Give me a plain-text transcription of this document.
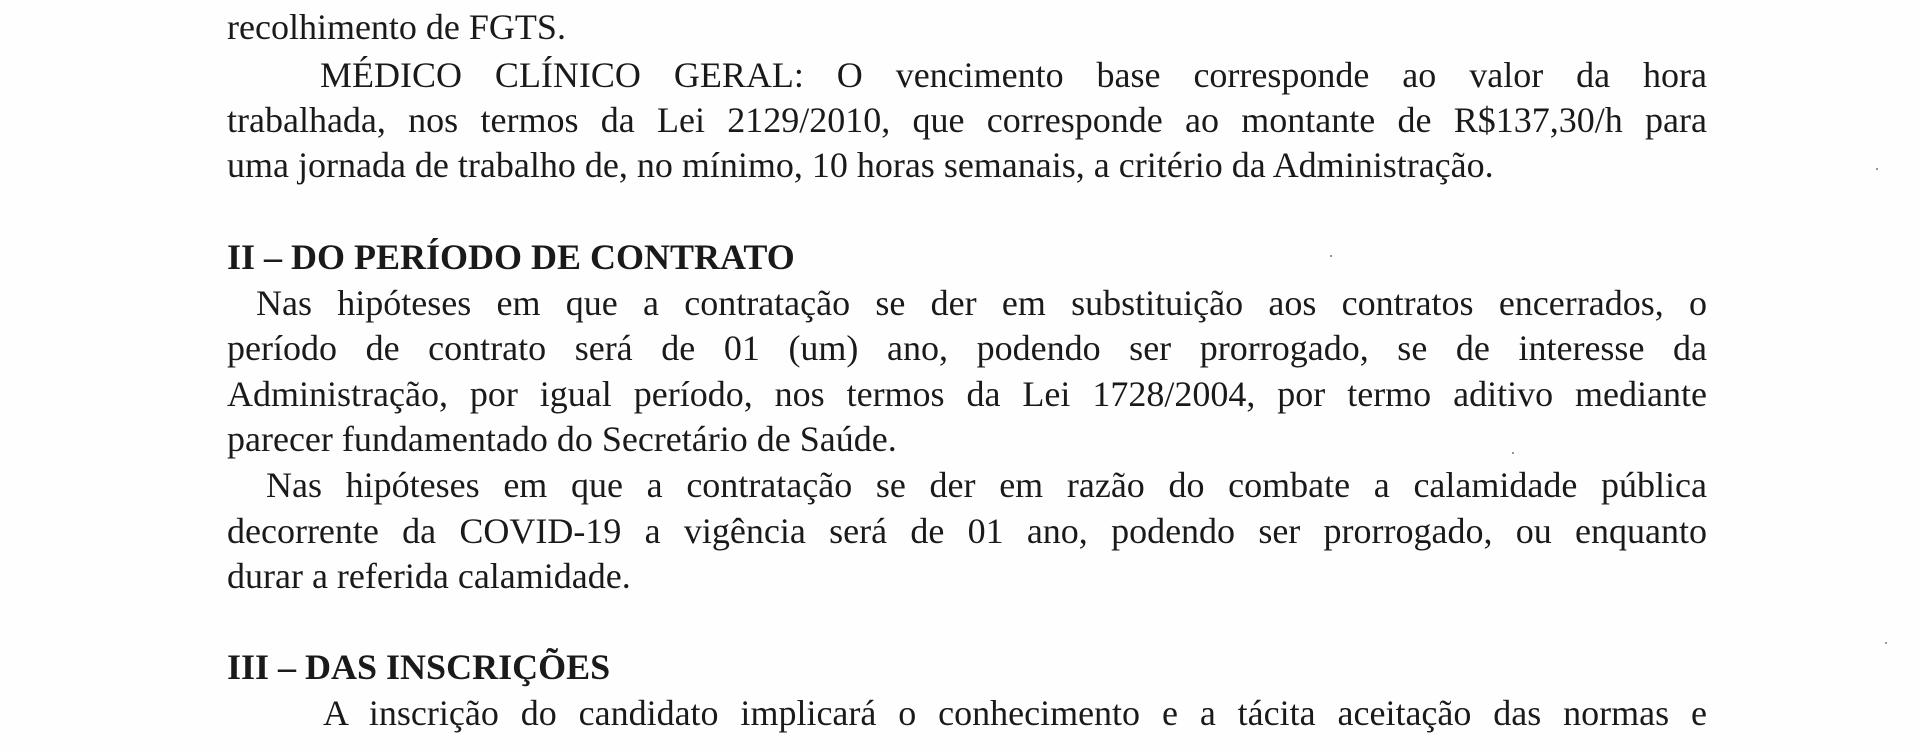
recolhimento de FGTS.
MÉDICO CLÍNICO GERAL: O vencimento base corresponde ao valor da hora
trabalhada, nos termos da Lei 2129/2010, que corresponde ao montante de R$137,30/h para
uma jornada de trabalho de, no mínimo, 10 horas semanais, a critério da Administração.
II – DO PERÍODO DE CONTRATO
Nas hipóteses em que a contratação se der em substituição aos contratos encerrados, o
período de contrato será de 01 (um) ano, podendo ser prorrogado, se de interesse da
Administração, por igual período, nos termos da Lei 1728/2004, por termo aditivo mediante
parecer fundamentado do Secretário de Saúde.
Nas hipóteses em que a contratação se der em razão do combate a calamidade pública
decorrente da COVID-19 a vigência será de 01 ano, podendo ser prorrogado, ou enquanto
durar a referida calamidade.
III – DAS INSCRIÇÕES
A inscrição do candidato implicará o conhecimento e a tácita aceitação das normas e
